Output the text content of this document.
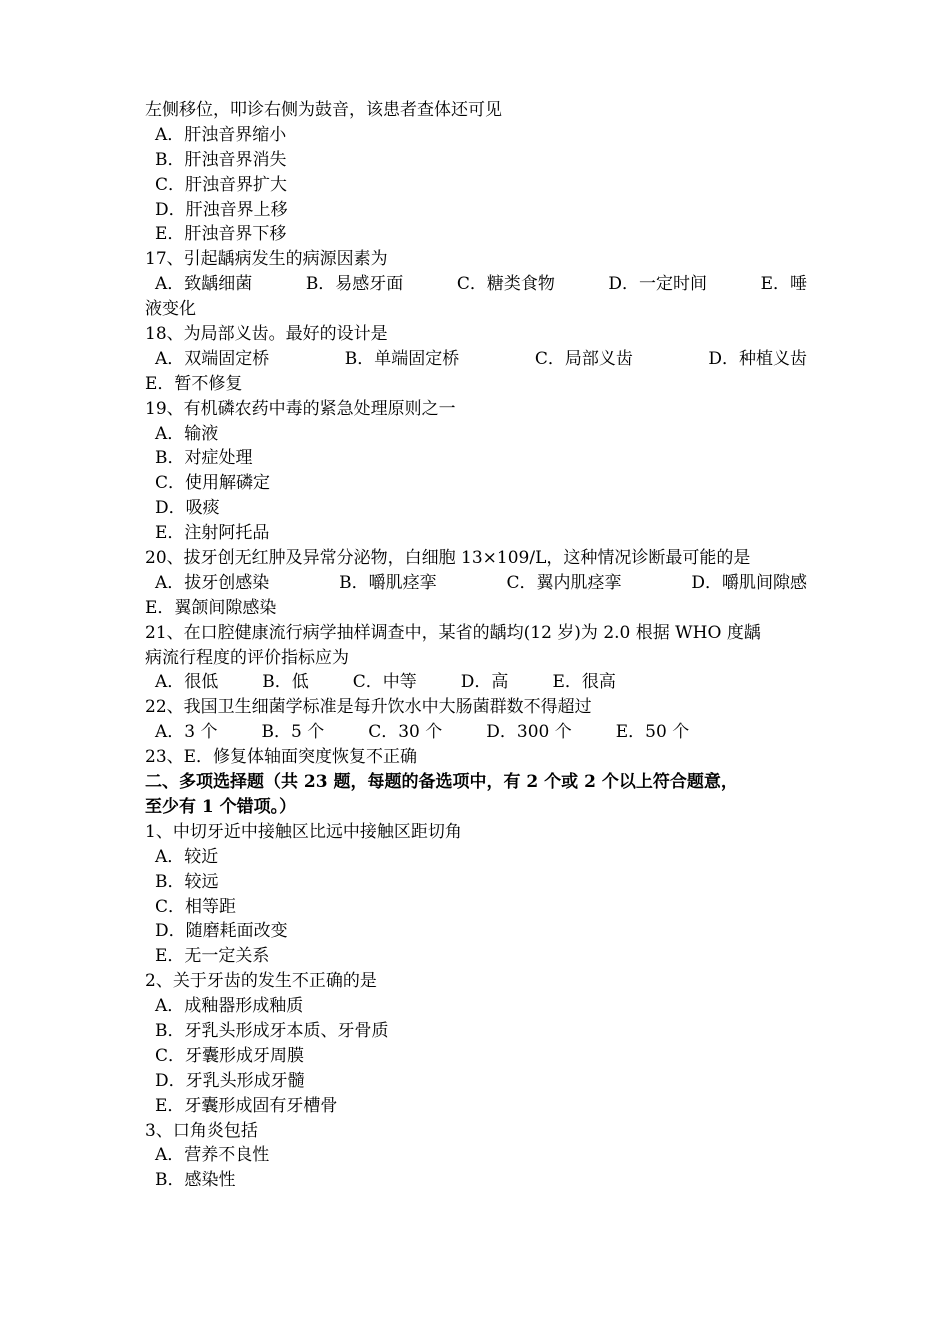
左侧移位，叩诊右侧为鼓音，该患者查体还可见
A．肝浊音界缩小
B．肝浊音界消失
C．肝浊音界扩大
D．肝浊音界上移
E．肝浊音界下移
17、引起龋病发生的病源因素为
A．致龋细菌	B．易感牙面	C．糖类食物	D．一定时间	E．唾
液变化
18、为局部义齿。最好的设计是
A．双端固定桥	B．单端固定桥	C．局部义齿	D．种植义齿
E．暂不修复
19、有机磷农药中毒的紧急处理原则之一
A．输液
B．对症处理
C．使用解磷定
D．吸痰
E．注射阿托品
20、拔牙创无红肿及异常分泌物，白细胞 13×109/L，这种情况诊断最可能的是
A．拔牙创感染	B．嚼肌痉挛	C．翼内肌痉挛	D．嚼肌间隙感
E．翼颌间隙感染
21、在口腔健康流行病学抽样调查中，某省的龋均(12 岁)为 2.0 根据 WHO 度龋
病流行程度的评价指标应为
A．很低	B．低	C．中等	D．高	E．很高
22、我国卫生细菌学标准是每升饮水中大肠菌群数不得超过
A．3 个	B．5 个	C．30 个	D．300 个	E．50 个
23、E．修复体轴面突度恢复不正确
二、多项选择题（共 23 题，每题的备选项中，有 2 个或 2 个以上符合题意，
至少有 1 个错项。）
1、中切牙近中接触区比远中接触区距切角
A．较近
B．较远
C．相等距
D．随磨耗面改变
E．无一定关系
2、关于牙齿的发生不正确的是
A．成釉器形成釉质
B．牙乳头形成牙本质、牙骨质
C．牙囊形成牙周膜
D．牙乳头形成牙髓
E．牙囊形成固有牙槽骨
3、口角炎包括
A．营养不良性
B．感染性
